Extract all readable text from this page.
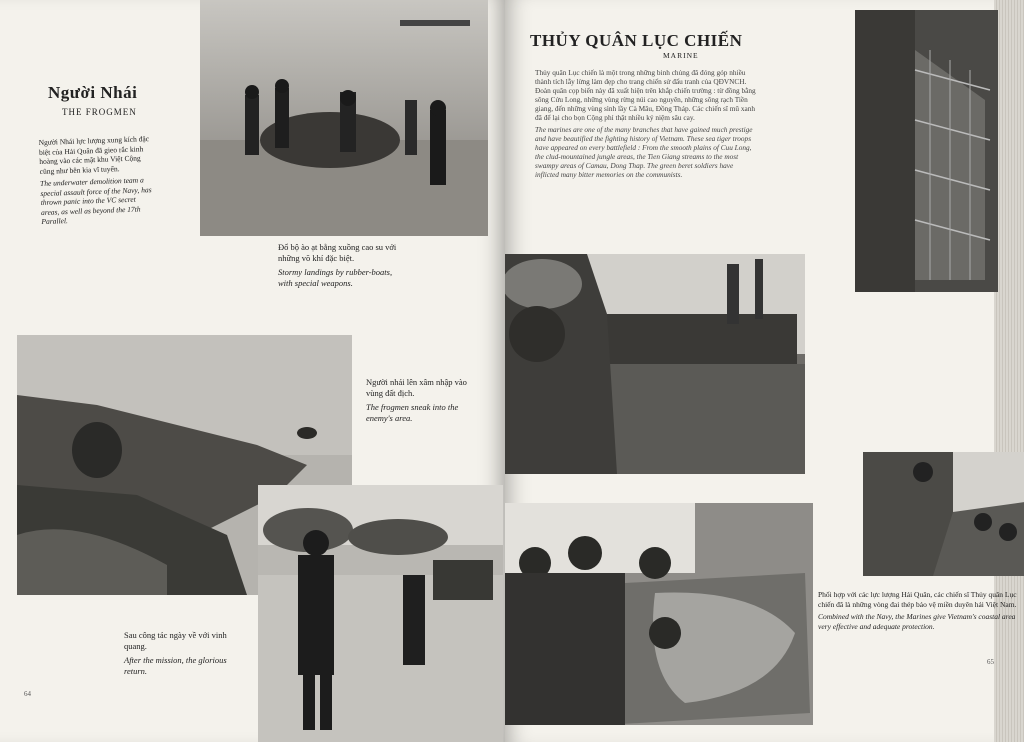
Người Nhái
THE FROGMEN
Người Nhái lực lượng xung kích đặc biệt của Hải Quân đã gieo rắc kinh hoàng vào các mật khu Việt Cộng cũng như bên kia vĩ tuyến.
The underwater demolition team a special assault force of the Navy, has thrown panic into the VC secret areas, as well as beyond the 17th Parallel.
Đổ bộ ào ạt bằng xuồng cao su với những võ khí đặc biệt.
Stormy landings by rubber-boats, with special weapons.
Người nhái lên xâm nhập vào vùng đất địch.
The frogmen sneak into the enemy's area.
Sau công tác ngày về với vinh quang.
After the mission, the glorious return.
64
THỦY QUÂN LỤC CHIẾN
MARINE

Thủy quân Lục chiến là một trong những binh chủng đã đóng góp nhiều thành tích lẫy lừng làm đẹp cho trang chiến sử đấu tranh của QĐVNCH. Đoàn quân cọp biển này đã xuất hiện trên khắp chiến trường : từ đồng bằng sông Cửu Long, những vùng rừng núi cao nguyên, những sông rạch Tiền giang, đến những vùng sình lầy Cà Mâu, Đồng Tháp. Các chiến sĩ mũ xanh đã để lại cho bọn Cộng phỉ thật nhiều ký niệm sâu cay.

The marines are one of the many branches that have gained much prestige and have beautified the fighting history of Vietnam. These sea tiger troops have appeared on every battlefield : From the smooth plains of Cuu Long, the clud-mountained jungle areas, the Tien Giang streams to the most swampy areas of Camau, Dong Thap. The green beret soldiers have inflicted many bitter memories on the communists.

Phối hợp với các lực lượng Hải Quân, các chiến sĩ Thủy quân Lục chiến đã là những vòng đai thép bảo vệ miền duyên hải Việt Nam.
Combined with the Navy, the Marines give Vietnam's coastal area very effective and adequate protection.
65
